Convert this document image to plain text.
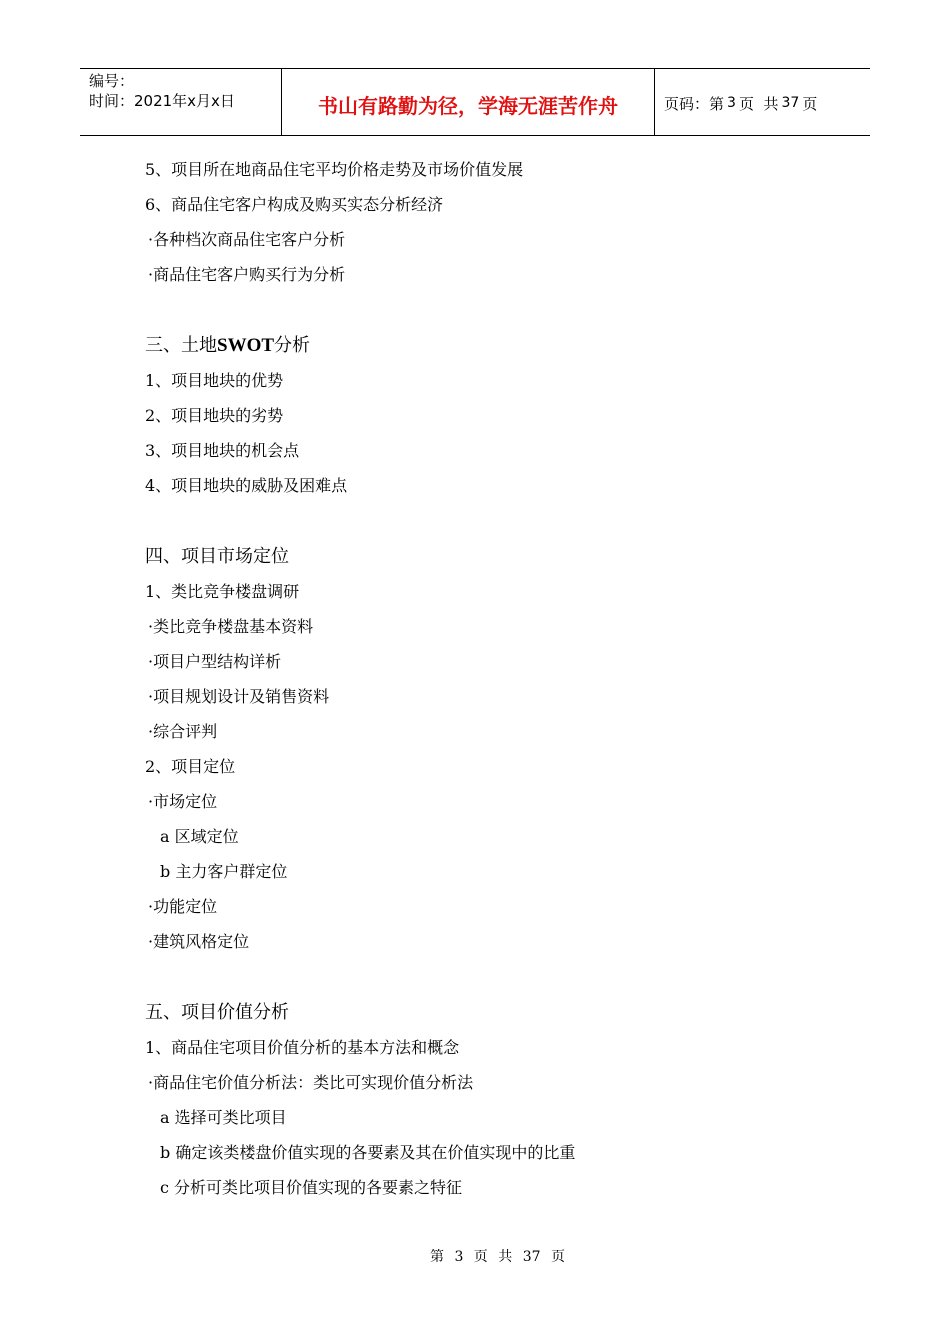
编号：
时间：2021年x月x日	书山有路勤为径，学海无涯苦作舟	页码：第 3 页  共 37 页
5、项目所在地商品住宅平均价格走势及市场价值发展
6、商品住宅客户构成及购买实态分析经济
·各种档次商品住宅客户分析
·商品住宅客户购买行为分析
三、土地SWOT分析
1、项目地块的优势
2、项目地块的劣势
3、项目地块的机会点
4、项目地块的威胁及困难点
四、项目市场定位
1、类比竞争楼盘调研
·类比竞争楼盘基本资料
·项目户型结构详析
·项目规划设计及销售资料
·综合评判
2、项目定位
·市场定位
a 区域定位
b 主力客户群定位
·功能定位
·建筑风格定位
五、项目价值分析
1、商品住宅项目价值分析的基本方法和概念
·商品住宅价值分析法：类比可实现价值分析法
a 选择可类比项目
b 确定该类楼盘价值实现的各要素及其在价值实现中的比重
c 分析可类比项目价值实现的各要素之特征
第 3 页 共 37 页
